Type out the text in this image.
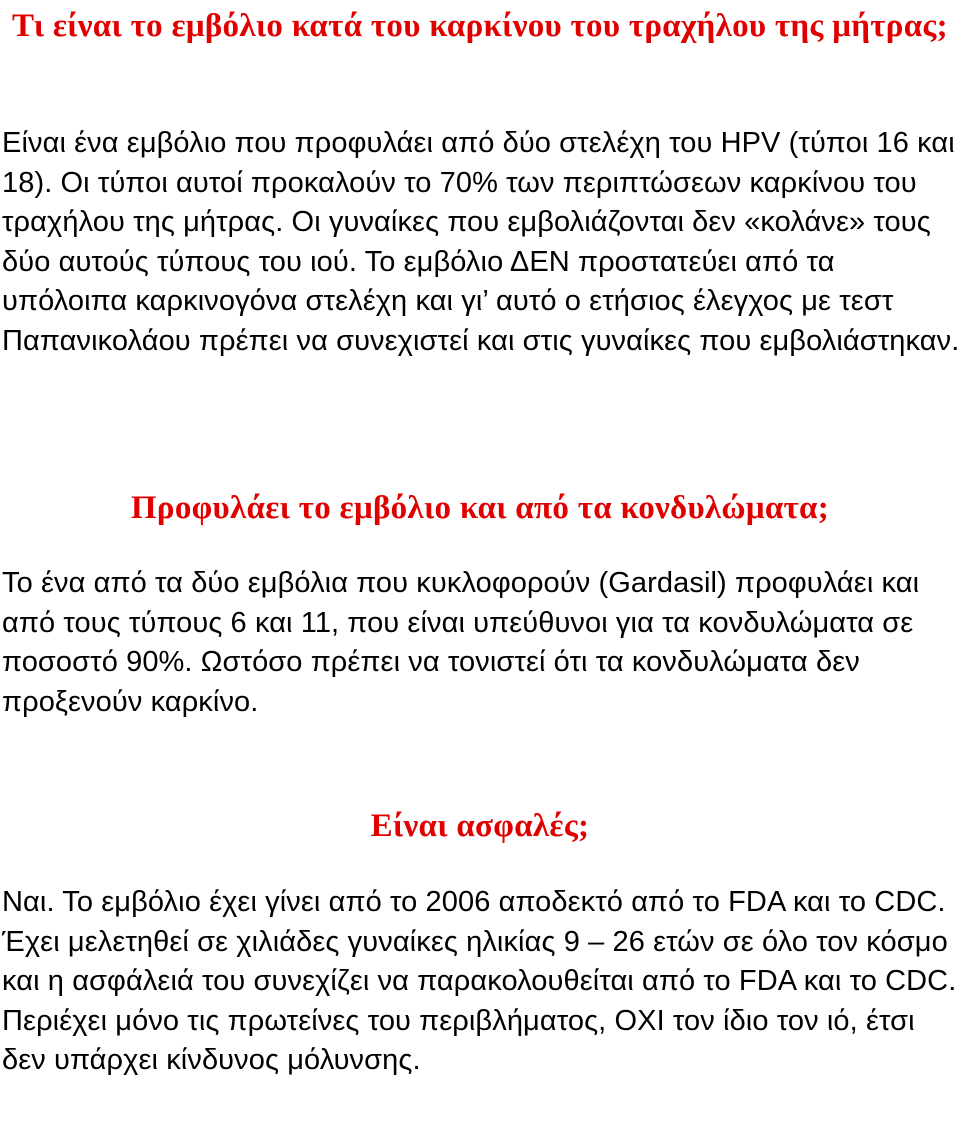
Τι είναι το εμβόλιο κατά του καρκίνου του τραχήλου της μήτρας;

Είναι ένα εμβόλιο που προφυλάει από δύο στελέχη του HPV (τύποι 16 και 18). Οι τύποι αυτοί προκαλούν το 70% των περιπτώσεων καρκίνου του τραχήλου της μήτρας. Οι γυναίκες που εμβολιάζονται δεν «κολάνε» τους δύο αυτούς τύπους του ιού. Το εμβόλιο ΔΕΝ προστατεύει από τα υπόλοιπα καρκινογόνα στελέχη και γι’ αυτό ο ετήσιος έλεγχος με τεστ Παπανικολάου πρέπει να συνεχιστεί και στις γυναίκες που εμβολιάστηκαν.

Προφυλάει το εμβόλιο και από τα κονδυλώματα;

Το ένα από τα δύο εμβόλια που κυκλοφορούν (Gardasil) προφυλάει και από τους τύπους 6 και 11, που είναι υπεύθυνοι για τα κονδυλώματα σε ποσοστό 90%. Ωστόσο πρέπει να τονιστεί ότι τα κονδυλώματα δεν προξενούν καρκίνο.

Είναι ασφαλές;

Ναι. Το εμβόλιο έχει γίνει από το 2006 αποδεκτό από το FDA και το CDC. Έχει μελετηθεί σε χιλιάδες γυναίκες ηλικίας 9 – 26 ετών σε όλο τον κόσμο και η ασφάλειά του συνεχίζει να παρακολουθείται από το FDA και το CDC. Περιέχει μόνο τις πρωτείνες του περιβλήματος, ΟΧΙ τον ίδιο τον ιό, έτσι δεν υπάρχει κίνδυνος μόλυνσης.
